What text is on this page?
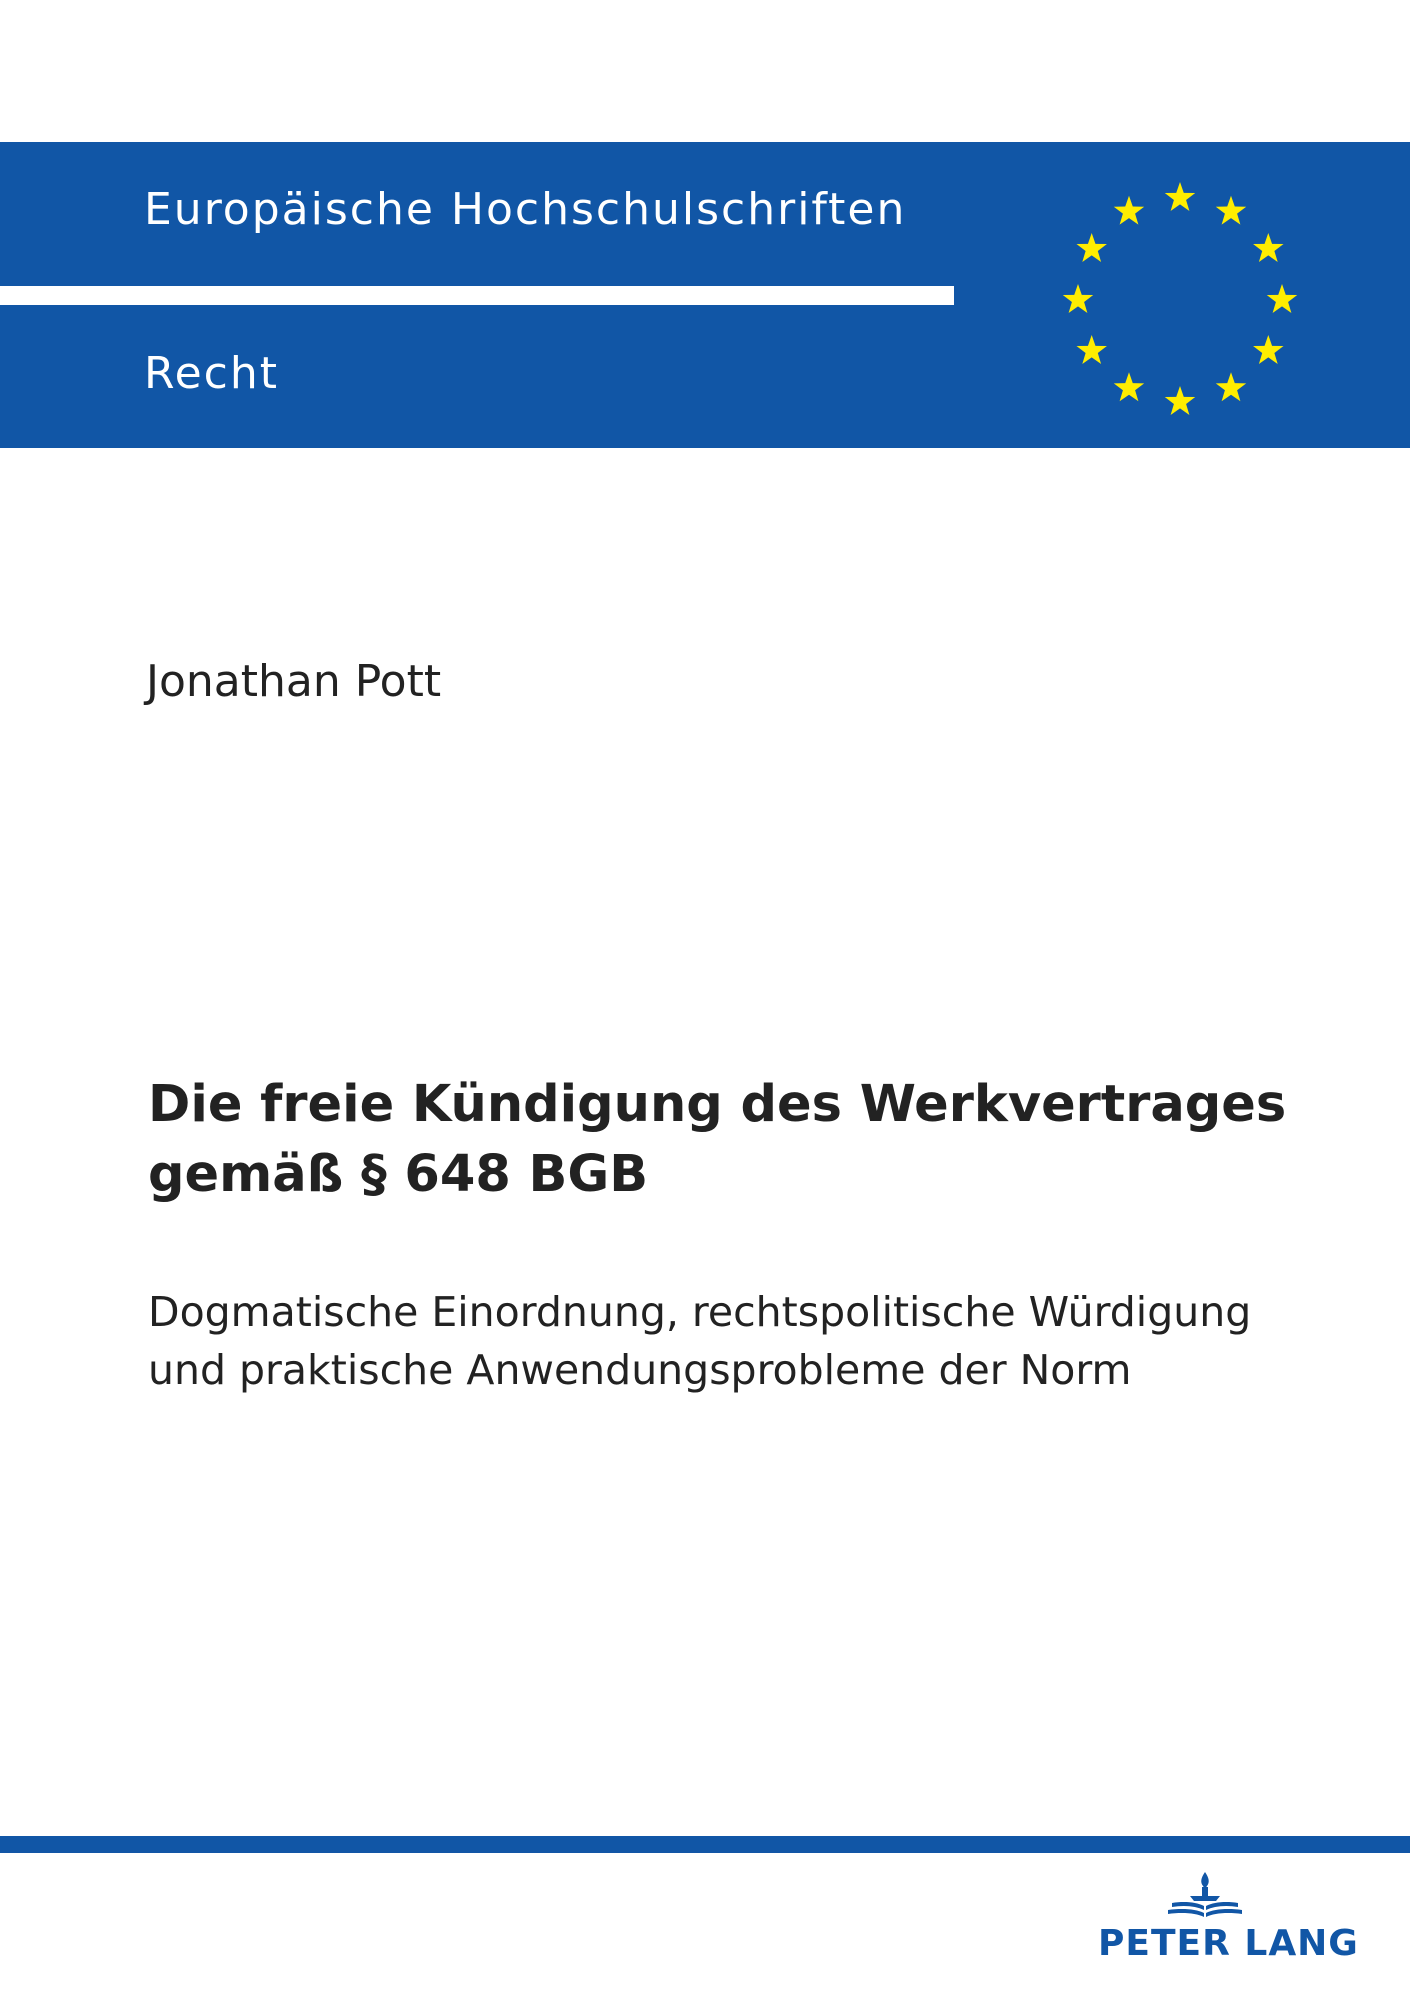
Europäische Hochschulschriften
Recht
Jonathan Pott
Die freie Kündigung des Werkvertrages
gemäß § 648 BGB
Dogmatische Einordnung, rechtspolitische Würdigung
und praktische Anwendungsprobleme der Norm
PETER LANG
